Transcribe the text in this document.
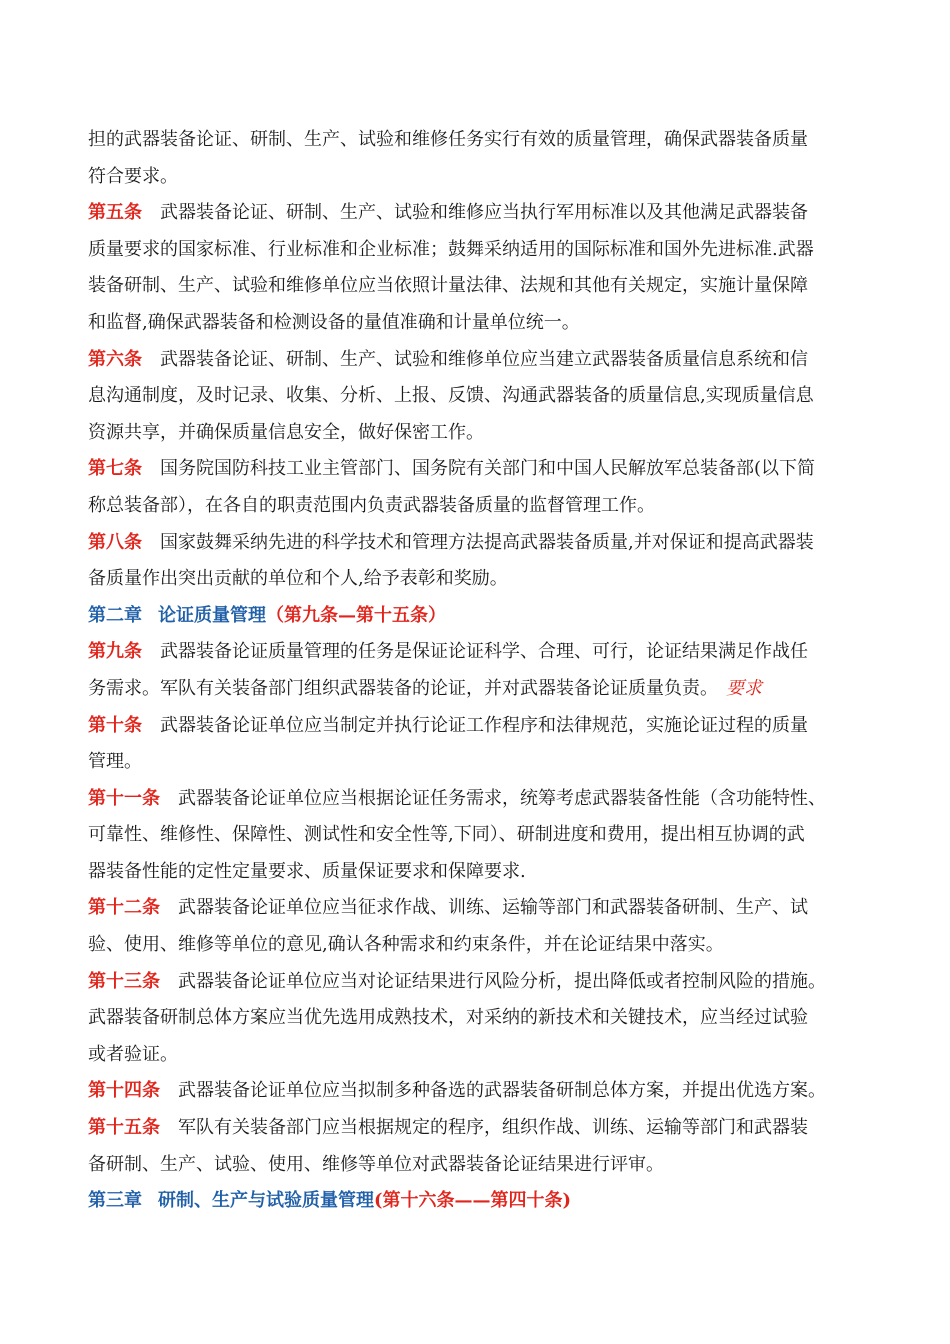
担的武器装备论证、研制、生产、试验和维修任务实行有效的质量管理，确保武器装备质量
符合要求。
第五条 武器装备论证、研制、生产、试验和维修应当执行军用标准以及其他满足武器装备
质量要求的国家标准、行业标准和企业标准；鼓舞采纳适用的国际标准和国外先进标准.武器
装备研制、生产、试验和维修单位应当依照计量法律、法规和其他有关规定，实施计量保障
和监督,确保武器装备和检测设备的量值准确和计量单位统一。
第六条 武器装备论证、研制、生产、试验和维修单位应当建立武器装备质量信息系统和信
息沟通制度，及时记录、收集、分析、上报、反馈、沟通武器装备的质量信息,实现质量信息
资源共享，并确保质量信息安全，做好保密工作。
第七条 国务院国防科技工业主管部门、国务院有关部门和中国人民解放军总装备部(以下简
称总装备部），在各自的职责范围内负责武器装备质量的监督管理工作。
第八条 国家鼓舞采纳先进的科学技术和管理方法提高武器装备质量,并对保证和提高武器装
备质量作出突出贡献的单位和个人,给予表彰和奖励。
第二章 论证质量管理（第九条—第十五条）
第九条 武器装备论证质量管理的任务是保证论证科学、合理、可行，论证结果满足作战任
务需求。军队有关装备部门组织武器装备的论证，并对武器装备论证质量负责。 要求
第十条 武器装备论证单位应当制定并执行论证工作程序和法律规范，实施论证过程的质量
管理。
第十一条 武器装备论证单位应当根据论证任务需求，统筹考虑武器装备性能（含功能特性、
可靠性、维修性、保障性、测试性和安全性等,下同）、研制进度和费用，提出相互协调的武
器装备性能的定性定量要求、质量保证要求和保障要求.
第十二条 武器装备论证单位应当征求作战、训练、运输等部门和武器装备研制、生产、试
验、使用、维修等单位的意见,确认各种需求和约束条件，并在论证结果中落实。
第十三条 武器装备论证单位应当对论证结果进行风险分析，提出降低或者控制风险的措施。
武器装备研制总体方案应当优先选用成熟技术，对采纳的新技术和关键技术，应当经过试验
或者验证。
第十四条 武器装备论证单位应当拟制多种备选的武器装备研制总体方案，并提出优选方案。
第十五条 军队有关装备部门应当根据规定的程序，组织作战、训练、运输等部门和武器装
备研制、生产、试验、使用、维修等单位对武器装备论证结果进行评审。
第三章 研制、生产与试验质量管理(第十六条——第四十条)
